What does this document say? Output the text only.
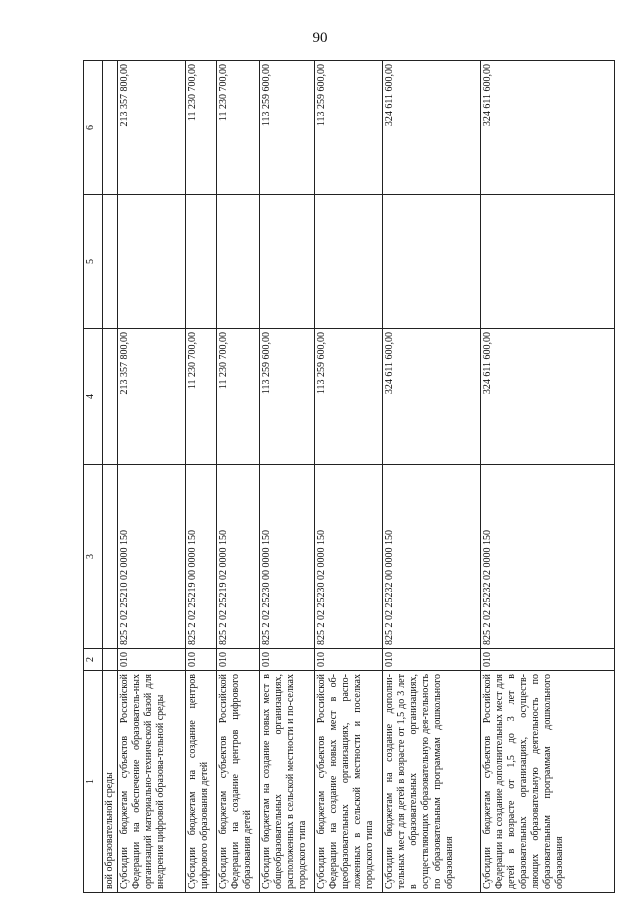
90
1	2	3	4	5	6
вой образовательной среды					
Субсидии бюджетам субъектов Российской Федерации на обеспечение образователь-ных организаций материально-технической базой для внедрения цифровой образова-тельной среды	010	825 2 02 25210 02 0000 150	213 357 800,00		213 357 800,00
Субсидии бюджетам на создание центров цифрового образования детей	010	825 2 02 25219 00 0000 150	11 230 700,00		11 230 700,00
Субсидии бюджетам субъектов Российской Федерации на создание центров цифрового образования детей	010	825 2 02 25219 02 0000 150	11 230 700,00		11 230 700,00
Субсидии бюджетам на создание новых мест в общеобразовательных организациях, расположенных в сельской местности и по-селках городского типа	010	825 2 02 25230 00 0000 150	113 259 600,00		113 259 600,00
Субсидии бюджетам субъектов Российской Федерации на создание новых мест в об-щеобразовательных организациях, распо-ложенных в сельской местности и поселках городского типа	010	825 2 02 25230 02 0000 150	113 259 600,00		113 259 600,00
Субсидии бюджетам на создание дополни-тельных мест для детей в возрасте от 1,5 до 3 лет в образовательных организациях, осуществляющих образовательную дея-тельность по образовательным программам дошкольного образования	010	825 2 02 25232 00 0000 150	324 611 600,00		324 611 600,00
Субсидии бюджетам субъектов Российской Федерации на создание дополнительных мест для детей в возрасте от 1,5 до 3 лет в образовательных организациях, осуществ-ляющих образовательную деятельность по образовательным программам дошкольного образования	010	825 2 02 25232 02 0000 150	324 611 600,00		324 611 600,00
